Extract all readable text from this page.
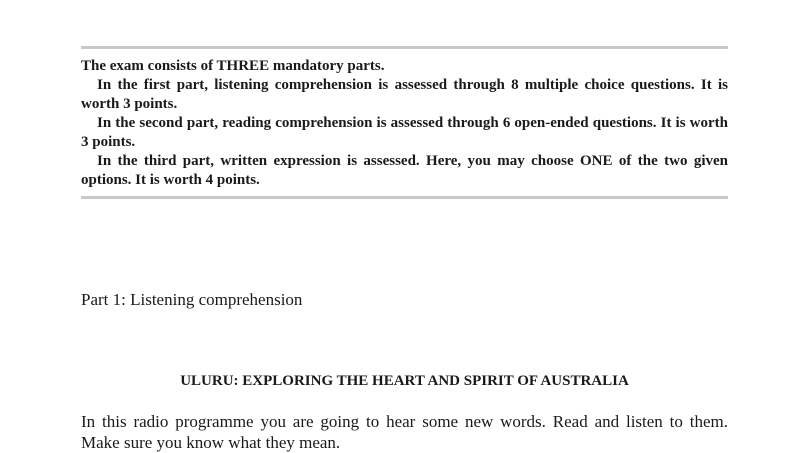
The exam consists of THREE mandatory parts.

In the first part, listening comprehension is assessed through 8 multiple choice questions. It is worth 3 points.

In the second part, reading comprehension is assessed through 6 open-ended questions. It is worth 3 points.

In the third part, written expression is assessed. Here, you may choose ONE of the two given options. It is worth 4 points.

Part 1: Listening comprehension
ULURU: EXPLORING THE HEART AND SPIRIT OF AUSTRALIA

In this radio programme you are going to hear some new words. Read and listen to them. Make sure you know what they mean.
